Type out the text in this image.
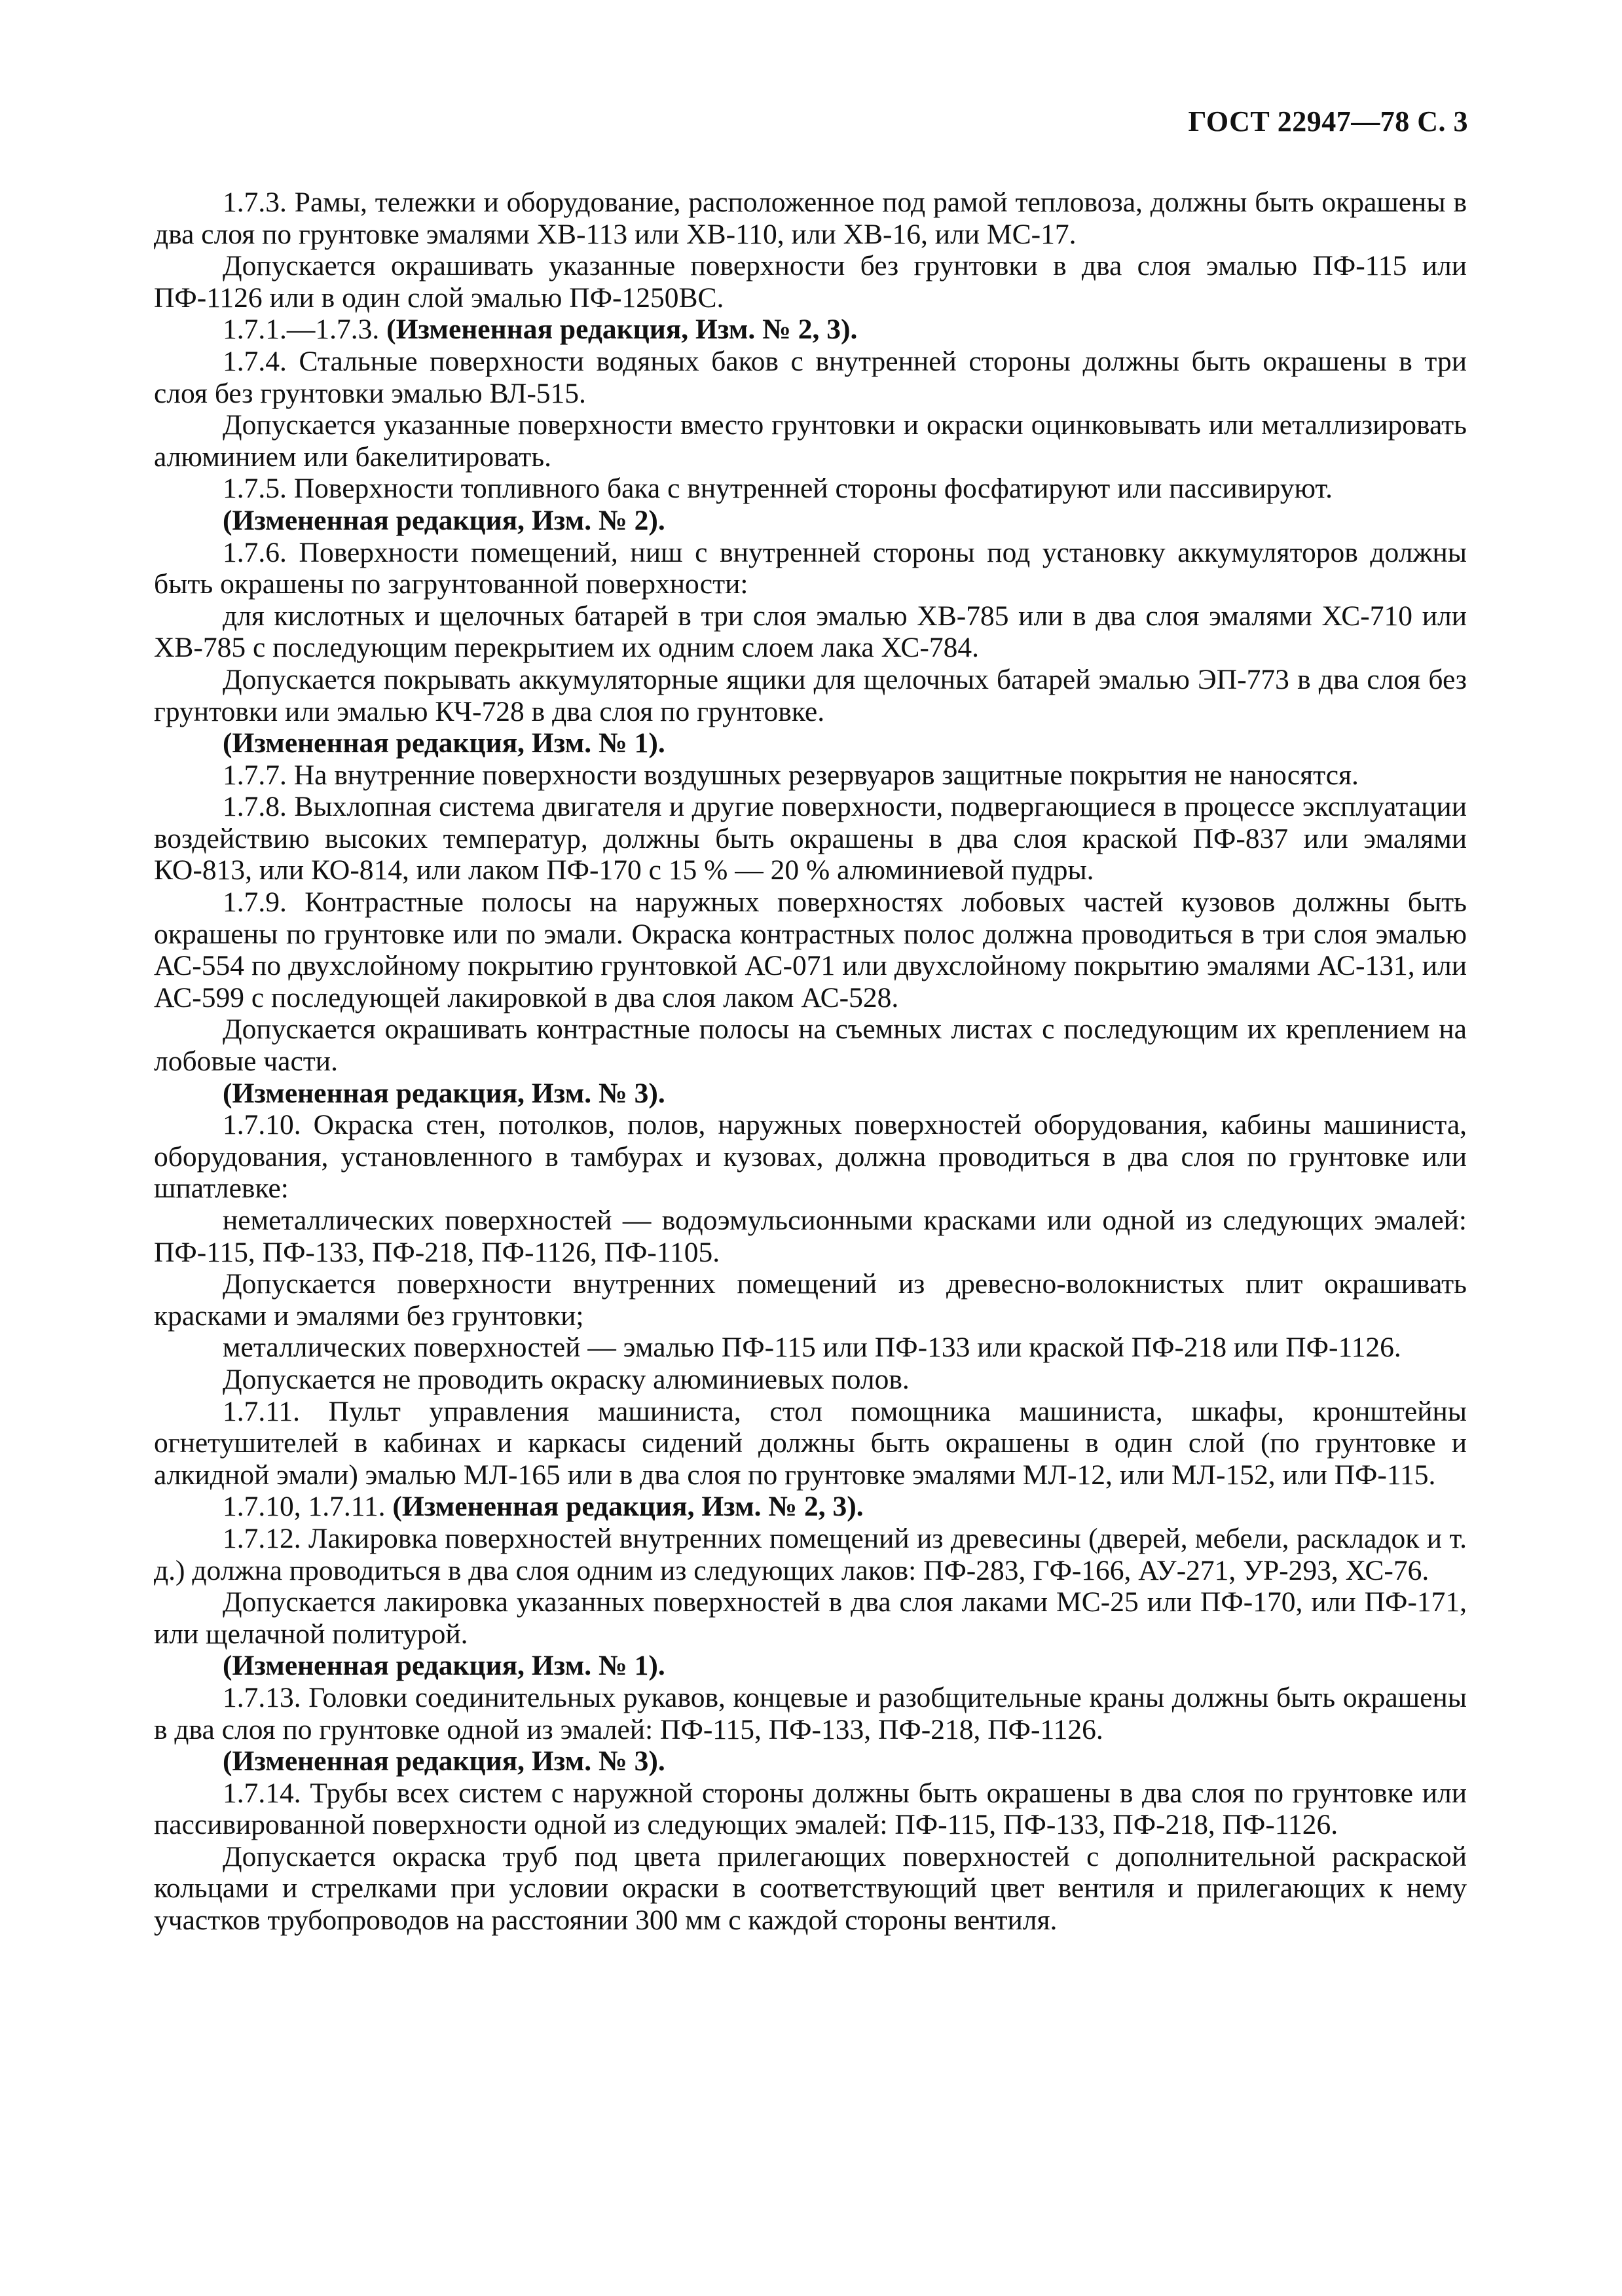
ГОСТ 22947—78 С. 3

1.7.3. Рамы, тележки и оборудование, расположенное под рамой тепловоза, должны быть окрашены в два слоя по грунтовке эмалями ХВ-113 или ХВ-110, или ХВ-16, или МС-17.

Допускается окрашивать указанные поверхности без грунтовки в два слоя эмалью ПФ-115 или ПФ-1126 или в один слой эмалью ПФ-1250ВС.

1.7.1.—1.7.3. (Измененная редакция, Изм. № 2, 3).

1.7.4. Стальные поверхности водяных баков с внутренней стороны должны быть окрашены в три слоя без грунтовки эмалью ВЛ-515.

Допускается указанные поверхности вместо грунтовки и окраски оцинковывать или металлизировать алюминием или бакелитировать.

1.7.5. Поверхности топливного бака с внутренней стороны фосфатируют или пассивируют.

(Измененная редакция, Изм. № 2).

1.7.6. Поверхности помещений, ниш с внутренней стороны под установку аккумуляторов должны быть окрашены по загрунтованной поверхности:

для кислотных и щелочных батарей в три слоя эмалью ХВ-785 или в два слоя эмалями ХС-710 или ХВ-785 с последующим перекрытием их одним слоем лака ХС-784.

Допускается покрывать аккумуляторные ящики для щелочных батарей эмалью ЭП-773 в два слоя без грунтовки или эмалью КЧ-728 в два слоя по грунтовке.

(Измененная редакция, Изм. № 1).

1.7.7. На внутренние поверхности воздушных резервуаров защитные покрытия не наносятся.

1.7.8. Выхлопная система двигателя и другие поверхности, подвергающиеся в процессе эксплуатации воздействию высоких температур, должны быть окрашены в два слоя краской ПФ-837 или эмалями КО-813, или КО-814, или лаком ПФ-170 с 15 % — 20 % алюминиевой пудры.

1.7.9. Контрастные полосы на наружных поверхностях лобовых частей кузовов должны быть окрашены по грунтовке или по эмали. Окраска контрастных полос должна проводиться в три слоя эмалью АС-554 по двухслойному покрытию грунтовкой АС-071 или двухслойному покрытию эмалями АС-131, или АС-599 с последующей лакировкой в два слоя лаком АС-528.

Допускается окрашивать контрастные полосы на съемных листах с последующим их креплением на лобовые части.

(Измененная редакция, Изм. № 3).

1.7.10. Окраска стен, потолков, полов, наружных поверхностей оборудования, кабины машиниста, оборудования, установленного в тамбурах и кузовах, должна проводиться в два слоя по грунтовке или шпатлевке:

неметаллических поверхностей — водоэмульсионными красками или одной из следующих эмалей: ПФ-115, ПФ-133, ПФ-218, ПФ-1126, ПФ-1105.

Допускается поверхности внутренних помещений из древесно-волокнистых плит окрашивать красками и эмалями без грунтовки;

металлических поверхностей — эмалью ПФ-115 или ПФ-133 или краской ПФ-218 или ПФ-1126.

Допускается не проводить окраску алюминиевых полов.

1.7.11. Пульт управления машиниста, стол помощника машиниста, шкафы, кронштейны огнетушителей в кабинах и каркасы сидений должны быть окрашены в один слой (по грунтовке и алкидной эмали) эмалью МЛ-165 или в два слоя по грунтовке эмалями МЛ-12, или МЛ-152, или ПФ-115.

1.7.10, 1.7.11. (Измененная редакция, Изм. № 2, 3).

1.7.12. Лакировка поверхностей внутренних помещений из древесины (дверей, мебели, раскладок и т. д.) должна проводиться в два слоя одним из следующих лаков: ПФ-283, ГФ-166, АУ-271, УР-293, ХС-76.

Допускается лакировка указанных поверхностей в два слоя лаками МС-25 или ПФ-170, или ПФ-171, или щелачной политурой.

(Измененная редакция, Изм. № 1).

1.7.13. Головки соединительных рукавов, концевые и разобщительные краны должны быть окрашены в два слоя по грунтовке одной из эмалей: ПФ-115, ПФ-133, ПФ-218, ПФ-1126.

(Измененная редакция, Изм. № 3).

1.7.14. Трубы всех систем с наружной стороны должны быть окрашены в два слоя по грунтовке или пассивированной поверхности одной из следующих эмалей: ПФ-115, ПФ-133, ПФ-218, ПФ-1126.

Допускается окраска труб под цвета прилегающих поверхностей с дополнительной раскраской кольцами и стрелками при условии окраски в соответствующий цвет вентиля и прилегающих к нему участков трубопроводов на расстоянии 300 мм с каждой стороны вентиля.
